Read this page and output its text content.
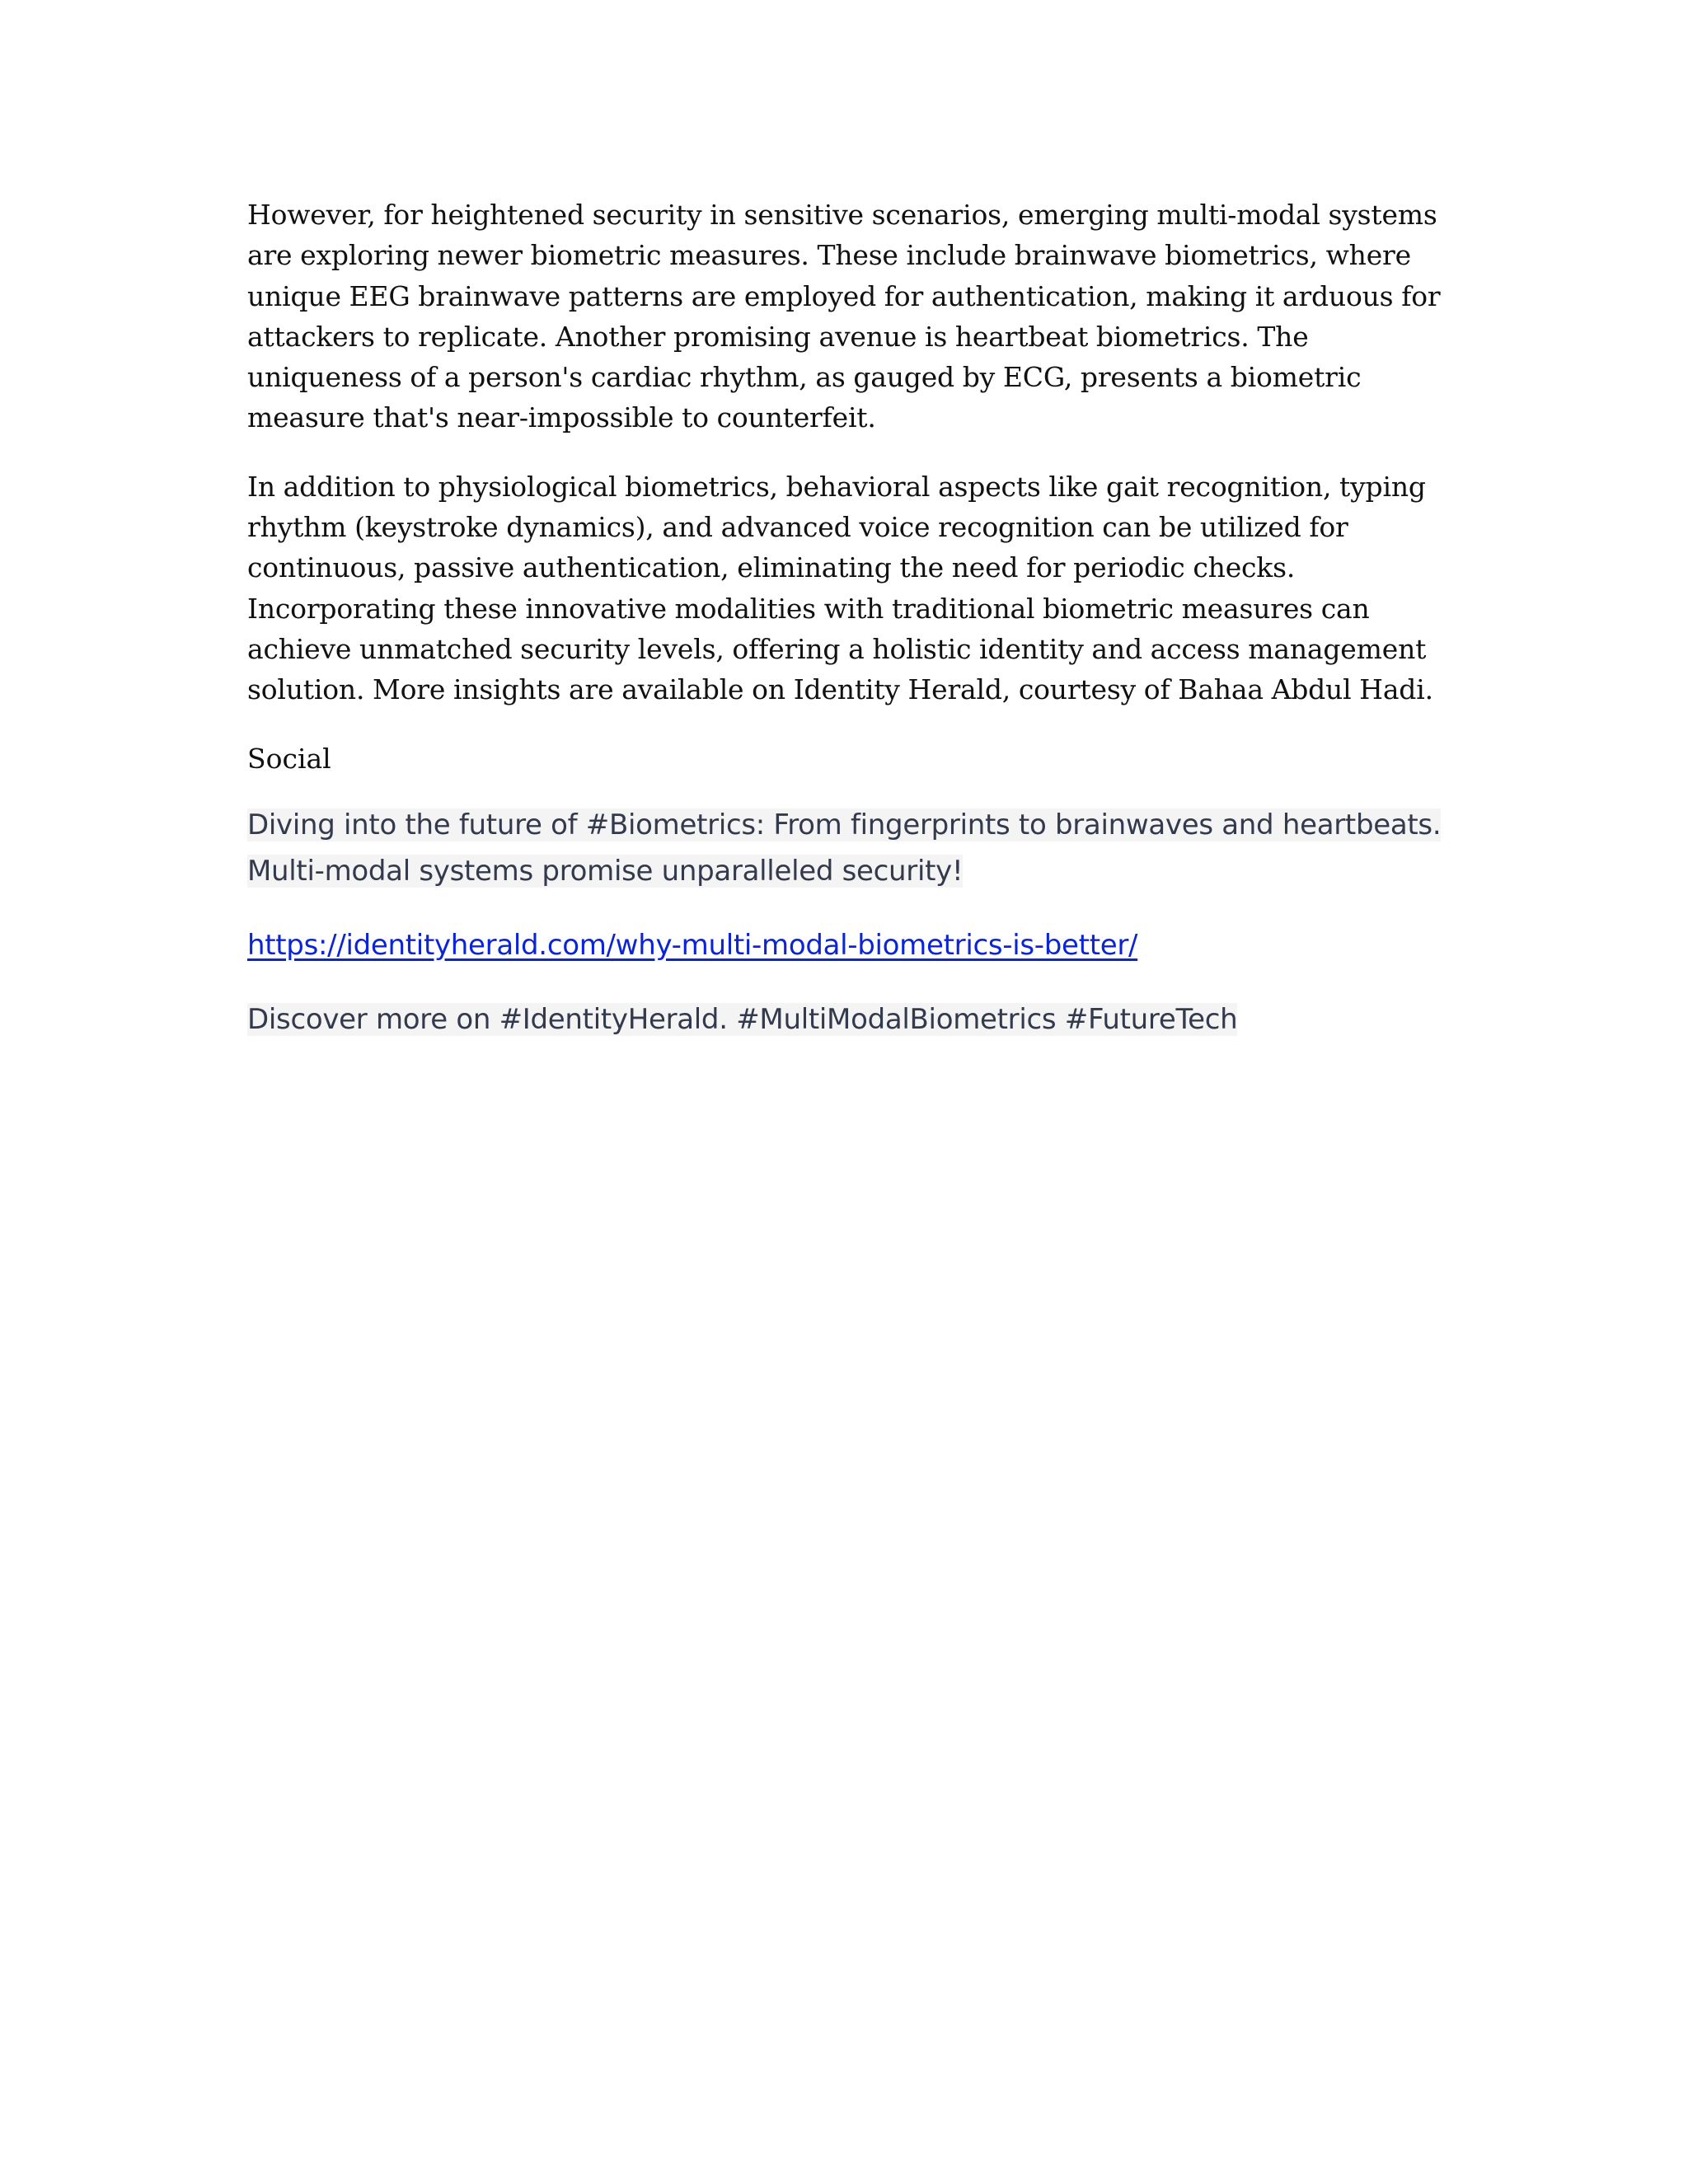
However, for heightened security in sensitive scenarios, emerging multi-modal systems are exploring newer biometric measures. These include brainwave biometrics, where unique EEG brainwave patterns are employed for authentication, making it arduous for attackers to replicate. Another promising avenue is heartbeat biometrics. The uniqueness of a person's cardiac rhythm, as gauged by ECG, presents a biometric measure that's near-impossible to counterfeit.

In addition to physiological biometrics, behavioral aspects like gait recognition, typing rhythm (keystroke dynamics), and advanced voice recognition can be utilized for continuous, passive authentication, eliminating the need for periodic checks. Incorporating these innovative modalities with traditional biometric measures can achieve unmatched security levels, offering a holistic identity and access management solution. More insights are available on Identity Herald, courtesy of Bahaa Abdul Hadi.

Social

Diving into the future of #Biometrics: From fingerprints to brainwaves and heartbeats. Multi-modal systems promise unparalleled security!

https://identityherald.com/why-multi-modal-biometrics-is-better/

Discover more on #IdentityHerald. #MultiModalBiometrics #FutureTech
